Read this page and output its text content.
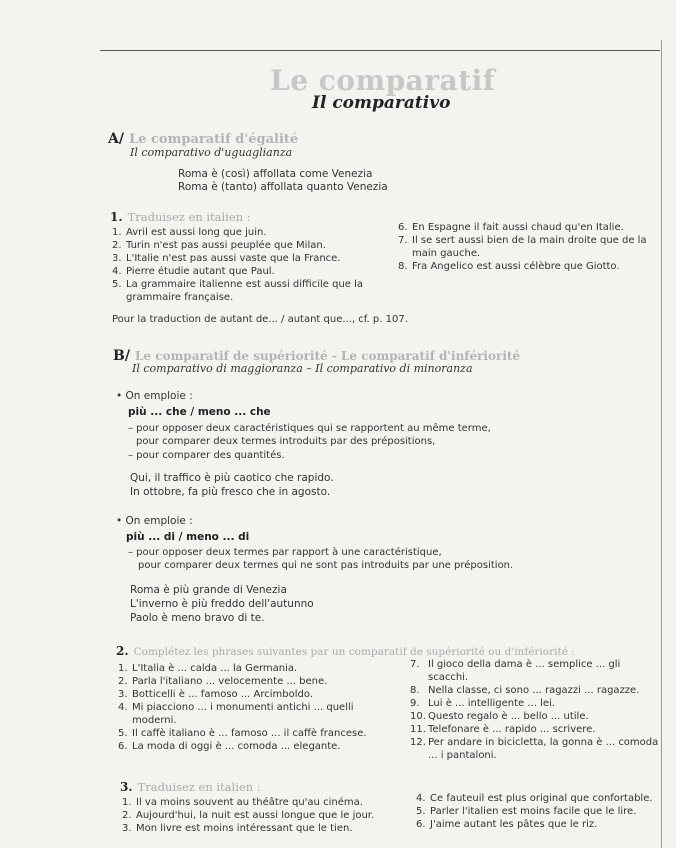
Le comparatif
Il comparativo
A/ Le comparatif d'égalité
Il comparativo d'uguaglianza
Roma è (così) affollata come Venezia
Roma è (tanto) affollata quanto Venezia
1. Traduisez en italien :
1. Avril est aussi long que juin.
2. Turin n'est pas aussi peuplée que Milan.
3. L'Italie n'est pas aussi vaste que la France.
4. Pierre étudie autant que Paul.
5. La grammaire italienne est aussi difficile que la grammaire française.
6. En Espagne il fait aussi chaud qu'en Italie.
7. Il se sert aussi bien de la main droite que de la main gauche.
8. Fra Angelico est aussi célèbre que Giotto.
Pour la traduction de autant de... / autant que..., cf. p. 107.
B/ Le comparatif de supériorité - Le comparatif d'infériorité
Il comparativo di maggioranza – Il comparativo di minoranza
• On emploie :
più ... che / meno ... che
– pour opposer deux caractéristiques qui se rapportent au même terme,
pour comparer deux termes introduits par des prépositions,
– pour comparer des quantités.
Qui, il traffico è più caotico che rapido.
In ottobre, fa più fresco che in agosto.
• On emploie :
più ... di / meno ... di
– pour opposer deux termes par rapport à une caractéristique,
pour comparer deux termes qui ne sont pas introduits par une préposition.
Roma è più grande di Venezia
L'inverno è più freddo dell'autunno
Paolo è meno bravo di te.
2. Complétez les phrases suivantes par un comparatif de supériorité ou d'infériorité :
1. L'Italia è ... calda ... la Germania.
2. Parla l'italiano ... velocemente ... bene.
3. Botticelli è ... famoso ... Arcimboldo.
4. Mi piacciono ... i monumenti antichi ... quelli moderni.
5. Il caffè italiano è ... famoso ... il caffè francese.
6. La moda di oggi è ... comoda ... elegante.
7. Il gioco della dama è ... semplice ... gli scacchi.
8. Nella classe, ci sono ... ragazzi ... ragazze.
9. Lui è ... intelligente ... lei.
10. Questo regalo è ... bello ... utile.
11. Telefonare è ... rapido ... scrivere.
12. Per andare in bicicletta, la gonna è ... comoda ... i pantaloni.
3. Traduisez en italien :
1. Il va moins souvent au théâtre qu'au cinéma.
2. Aujourd'hui, la nuit est aussi longue que le jour.
3. Mon livre est moins intéressant que le tien.
4. Ce fauteuil est plus original que confortable.
5. Parler l'italien est moins facile que le lire.
6. J'aime autant les pâtes que le riz.
